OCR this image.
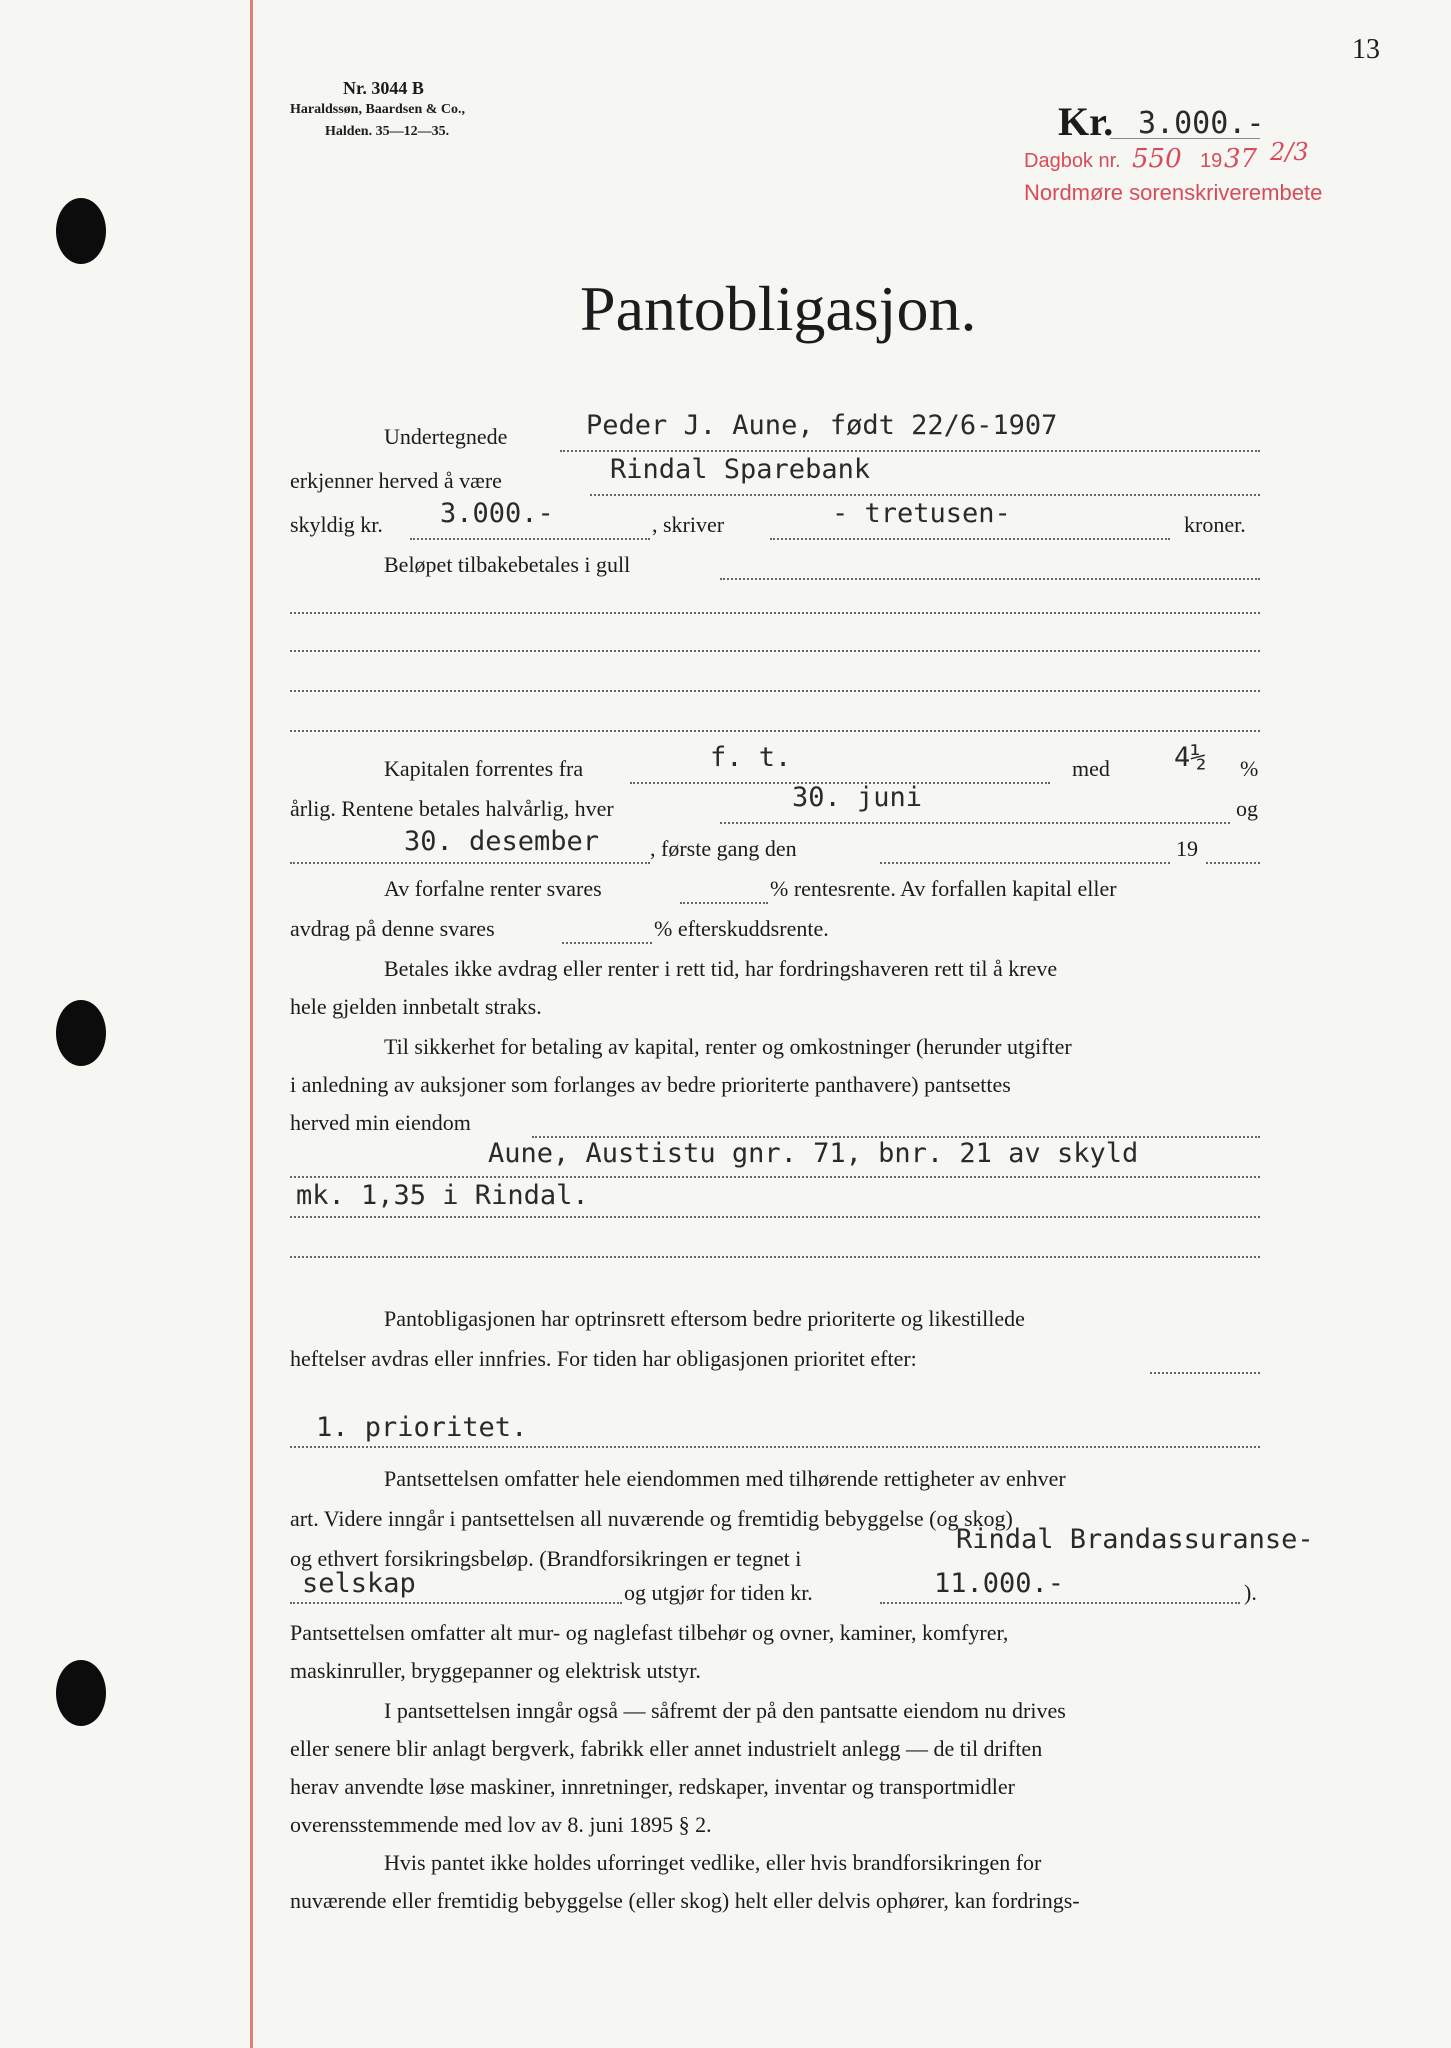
13
Nr. 3044 B
Haraldssøn, Baardsen & Co.,
Halden. 35—12—35.	Kr. 3.000.-
Dagbok nr. 550 19 37 2/3
Nordmøre sorenskriverembete
Pantobligasjon.
Undertegnede	Peder J. Aune, født 22/6-1907
erkjenner herved å være	Rindal Sparebank
skyldig kr. 3.000.-	, skriver	- tretusen-	kroner.
Beløpet tilbakebetales i gull
Kapitalen forrentes fra	f. t.	med 4½ %
årlig. Rentene betales halvårlig, hver	30. juni	og
30. desember , første gang den	19
Av forfalne renter svares	% rentesrente. Av forfallen kapital eller
avdrag på denne svares	% efterskuddsrente.
Betales ikke avdrag eller renter i rett tid, har fordringshaveren rett til å kreve
hele gjelden innbetalt straks.
Til sikkerhet for betaling av kapital, renter og omkostninger (herunder utgifter
i anledning av auksjoner som forlanges av bedre prioriterte panthavere) pantsettes
herved min eiendom
Aune, Austistu gnr. 71, bnr. 21 av skyld
mk. 1,35 i Rindal.
Pantobligasjonen har optrinsrett eftersom bedre prioriterte og likestillede
heftelser avdras eller innfries. For tiden har obligasjonen prioritet efter:
1. prioritet.
Pantsettelsen omfatter hele eiendommen med tilhørende rettigheter av enhver
art. Videre inngår i pantsettelsen all nuværende og fremtidig bebyggelse (og skog)
og ethvert forsikringsbeløp. (Brandforsikringen er tegnet i
Rindal Brandassuranse-
selskap	og utgjør for tiden kr.	11.000.-	).
Pantsettelsen omfatter alt mur- og naglefast tilbehør og ovner, kaminer, komfyrer,
maskinruller, bryggepanner og elektrisk utstyr.
I pantsettelsen inngår også — såfremt der på den pantsatte eiendom nu drives
eller senere blir anlagt bergverk, fabrikk eller annet industrielt anlegg — de til driften
herav anvendte løse maskiner, innretninger, redskaper, inventar og transportmidler
overensstemmende med lov av 8. juni 1895 § 2.
Hvis pantet ikke holdes uforringet vedlike, eller hvis brandforsikringen for
nuværende eller fremtidig bebyggelse (eller skog) helt eller delvis ophører, kan fordrings-
